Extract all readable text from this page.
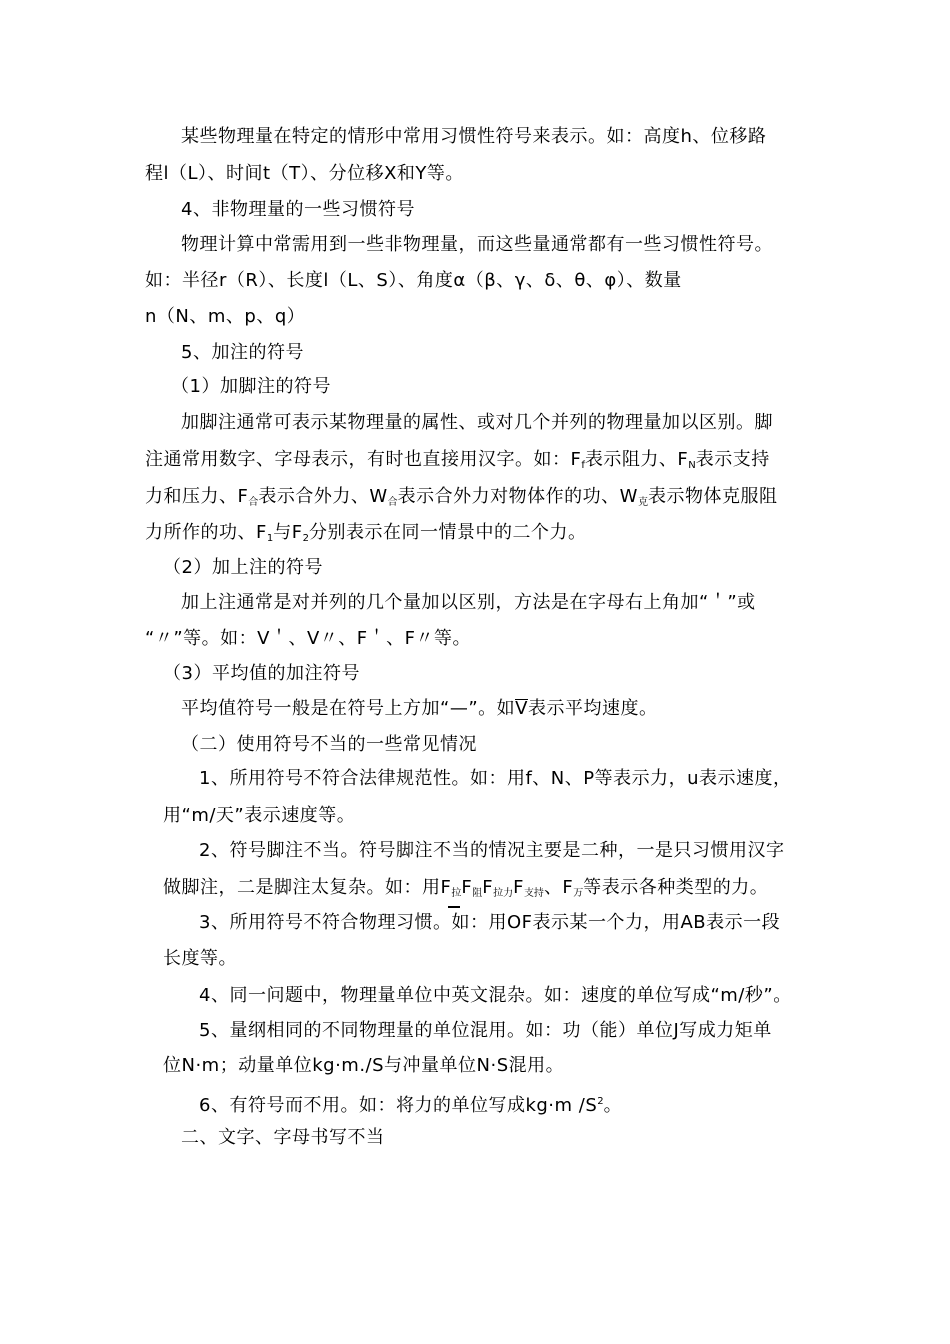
某些物理量在特定的情形中常用习惯性符号来表示。如：高度h、位移路
程l（L）、时间t（T）、分位移X和Y等。
4、非物理量的一些习惯符号
物理计算中常需用到一些非物理量，而这些量通常都有一些习惯性符号。
如：半径r（R）、长度l（L、S）、角度α（β、γ、δ、θ、φ）、数量
n（N、m、p、q）
5、加注的符号
（1）加脚注的符号
加脚注通常可表示某物理量的属性、或对几个并列的物理量加以区别。脚
注通常用数字、字母表示，有时也直接用汉字。如：$F_f$表示阻力、$F_N$表示支持
力和压力、$F_合$表示合外力、$W_合$表示合外力对物体作的功、$W_克$表示物体克服阻
力所作的功、$F_1$与$F_2$分别表示在同一情景中的二个力。
（2）加上注的符号
加上注通常是对并列的几个量加以区别，方法是在字母右上角加“＇”或
“〃”等。如：V＇、V〃、F＇、F〃等。
（3）平均值的加注符号
平均值符号一般是在符号上方加“—”。如V表示平均速度。
（二）使用符号不当的一些常见情况
1、所用符号不符合法律规范性。如：用f、N、P等表示力，u表示速度，
用“m/天”表示速度等。
2、符号脚注不当。符号脚注不当的情况主要是二种，一是只习惯用汉字
做脚注，二是脚注太复杂。如：用$F_拉F_阻F_{拉力}F_{支持}$、$F_万$等表示各种类型的力。
3、所用符号不符合物理习惯。如：用OF表示某一个力，用AB表示一段
长度等。
4、同一问题中，物理量单位中英文混杂。如：速度的单位写成“m/秒”。
5、量纲相同的不同物理量的单位混用。如：功（能）单位J写成力矩单
位N·m；动量单位kg·m./S与冲量单位N·S混用。
6、有符号而不用。如：将力的单位写成kg·m $/S^2$。
二、文字、字母书写不当
